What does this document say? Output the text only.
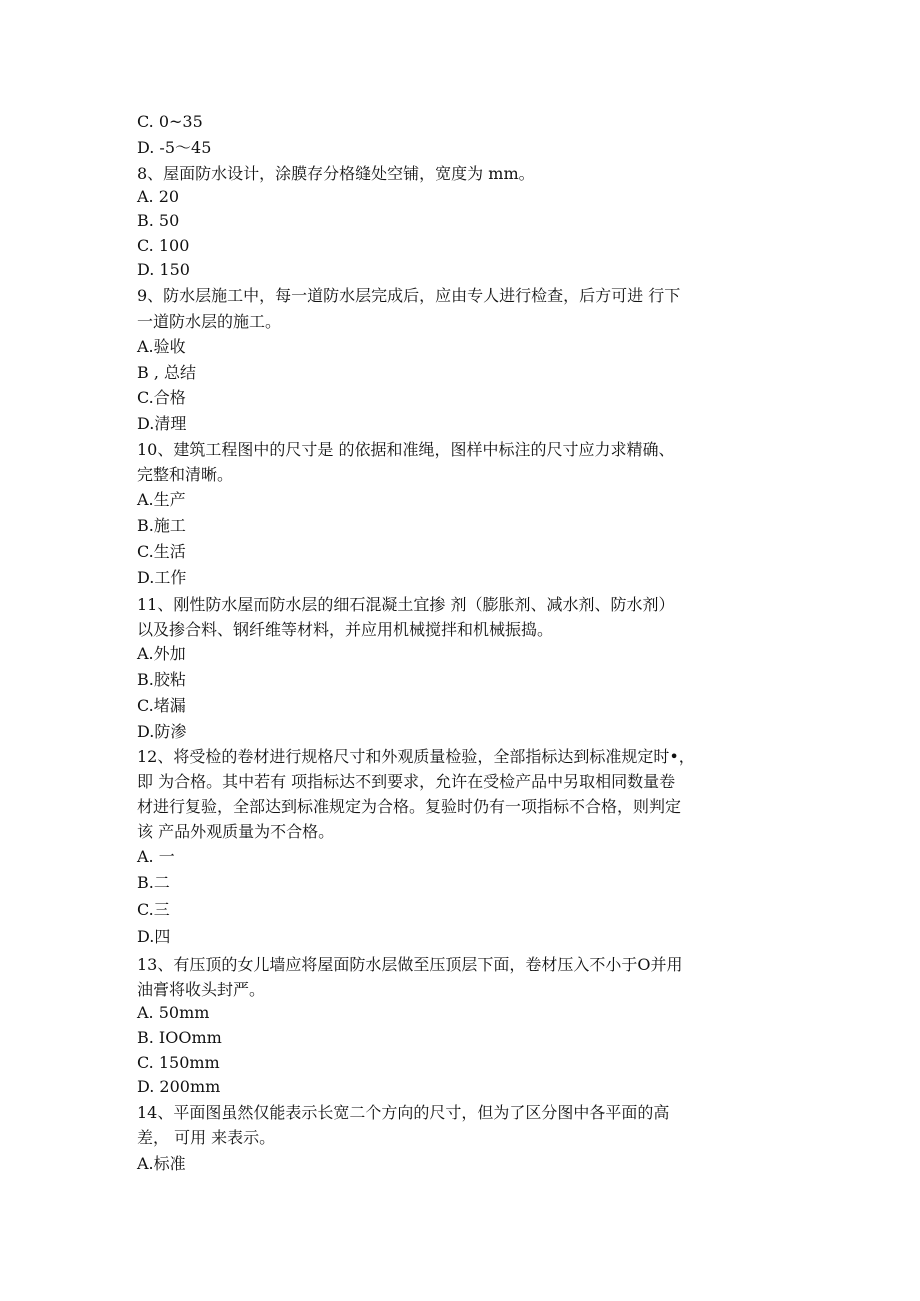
C. 0~35
D. -5～45
8、屋面防水设计，涂膜存分格缝处空铺，宽度为 mm。
A. 20
B. 50
C. 100
D. 150
9、防水层施工中，每一道防水层完成后，应由专人进行检查，后方可进 行下
一道防水层的施工。
A.验收
B , 总结
C.合格
D.清理
10、建筑工程图中的尺寸是 的依据和准绳，图样中标注的尺寸应力求精确、
完整和清晰。
A.生产
B.施工
C.生活
D.工作
11、刚性防水屋而防水层的细石混凝土宜掺 剂（膨胀剂、减水剂、防水剂）
以及掺合料、钢纤维等材料，并应用机械搅拌和机械振捣。
A.外加
B.胶粘
C.堵漏
D.防渗
12、将受检的卷材进行规格尺寸和外观质量检验，全部指标达到标准规定时•，
即 为合格。其中若有 项指标达不到要求，允许在受检产品中另取相同数量卷
材进行复验，全部达到标准规定为合格。复验时仍有一项指标不合格，则判定
该 产品外观质量为不合格。
A. 一
B.二
C.三
D.四
13、有压顶的女儿墙应将屋面防水层做至压顶层下面，卷材压入不小于O并用
油膏将收头封严。
A. 50mm
B. IOOmm
C. 150mm
D. 200mm
14、平面图虽然仅能表示长宽二个方向的尺寸，但为了区分图中各平面的高
差， 可用 来表示。
A.标准
